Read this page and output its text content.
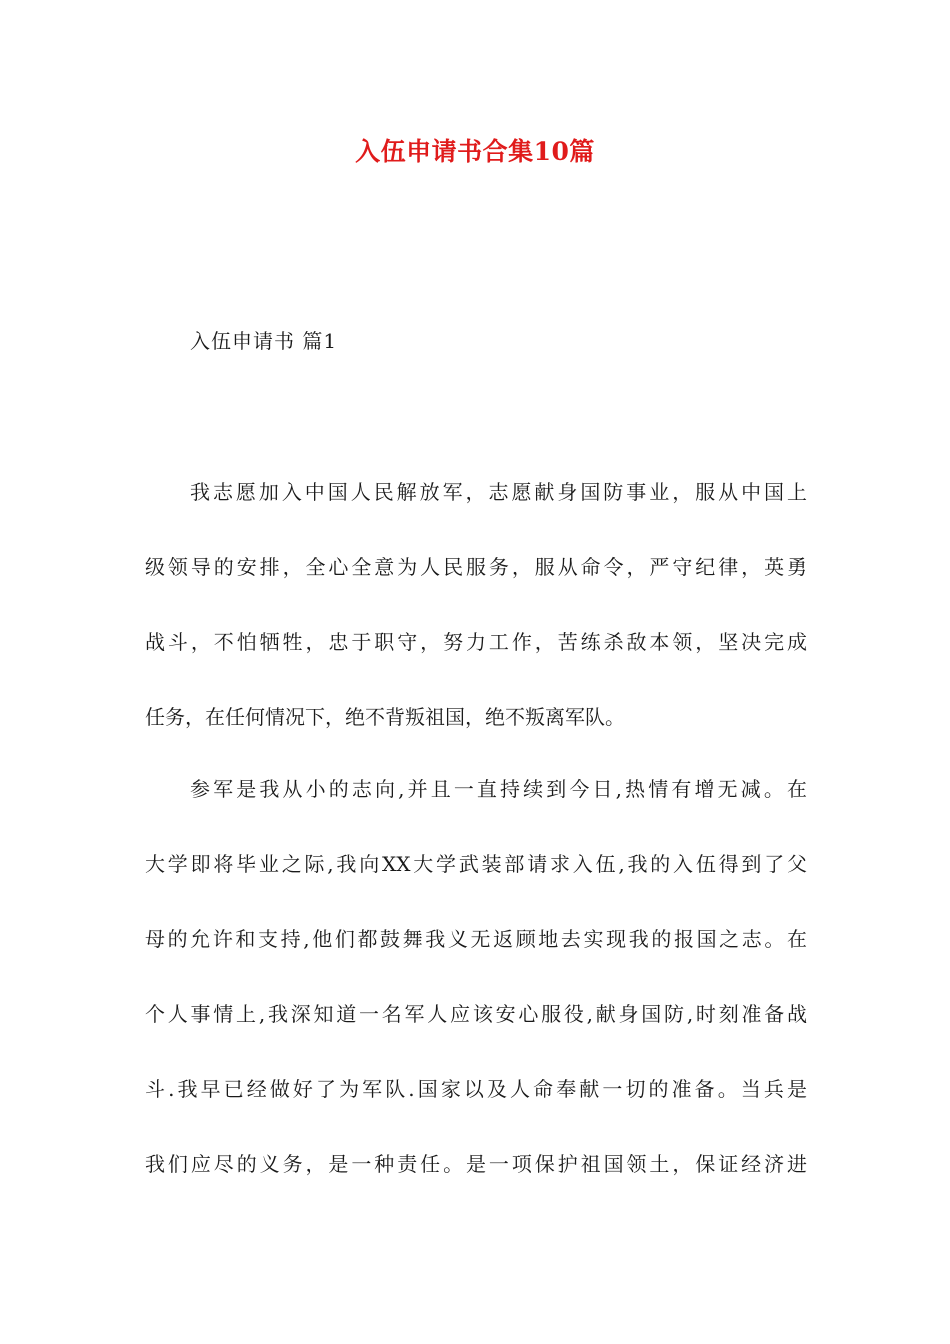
入伍申请书合集10篇
入伍申请书 篇1
我志愿加入中国人民解放军，志愿献身国防事业，服从中国上
级领导的安排，全心全意为人民服务，服从命令，严守纪律，英勇
战斗，不怕牺牲，忠于职守，努力工作，苦练杀敌本领，坚决完成
任务，在任何情况下，绝不背叛祖国，绝不叛离军队。
参军是我从小的志向,并且一直持续到今日,热情有增无减。在
大学即将毕业之际,我向XX大学武装部请求入伍,我的入伍得到了父
母的允许和支持,他们都鼓舞我义无返顾地去实现我的报国之志。在
个人事情上,我深知道一名军人应该安心服役,献身国防,时刻准备战
斗.我早已经做好了为军队.国家以及人命奉献一切的准备。当兵是
我们应尽的义务，是一种责任。是一项保护祖国领土，保证经济进
